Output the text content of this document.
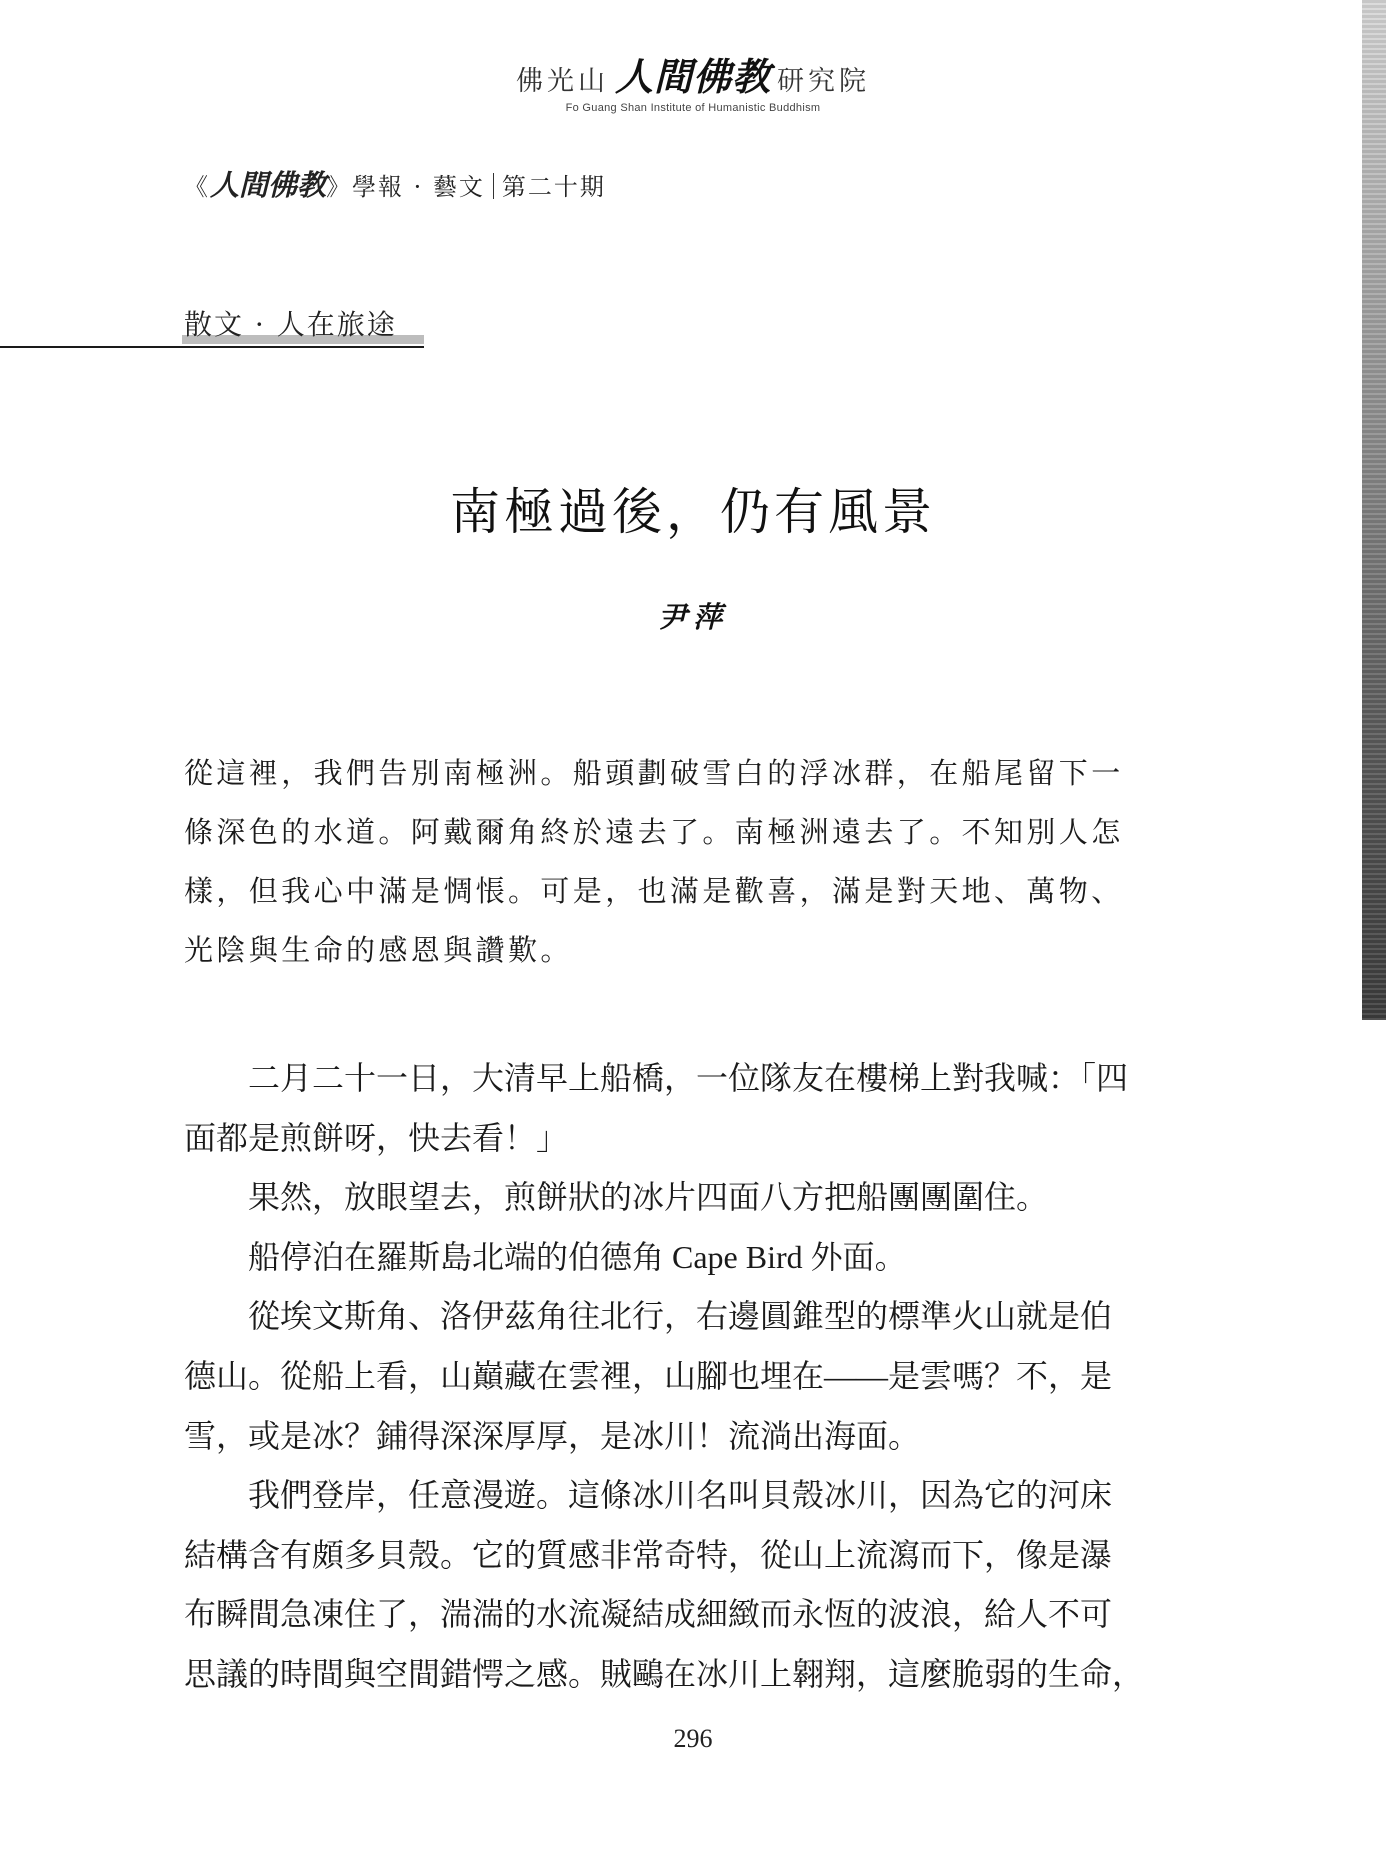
佛光山 人間佛教 研究院
Fo Guang Shan Institute of Humanistic Buddhism
《人間佛教》學報 · 藝文 第二十期
散文 · 人在旅途
南極過後，仍有風景
尹萍
從這裡，我們告別南極洲。船頭劃破雪白的浮冰群，在船尾留下一
條深色的水道。阿戴爾角終於遠去了。南極洲遠去了。不知別人怎
樣，但我心中滿是惆悵。可是，也滿是歡喜，滿是對天地、萬物、
光陰與生命的感恩與讚歎。
二月二十一日，大清早上船橋，一位隊友在樓梯上對我喊：「四
面都是煎餅呀，快去看！」
果然，放眼望去，煎餅狀的冰片四面八方把船團團圍住。
船停泊在羅斯島北端的伯德角 Cape Bird 外面。
從埃文斯角、洛伊茲角往北行，右邊圓錐型的標準火山就是伯
德山。從船上看，山巔藏在雲裡，山腳也埋在——是雲嗎？不，是
雪，或是冰？鋪得深深厚厚，是冰川！流淌出海面。
我們登岸，任意漫遊。這條冰川名叫貝殼冰川，因為它的河床
結構含有頗多貝殼。它的質感非常奇特，從山上流瀉而下，像是瀑
布瞬間急凍住了，湍湍的水流凝結成細緻而永恆的波浪，給人不可
思議的時間與空間錯愕之感。賊鷗在冰川上翱翔，這麼脆弱的生命，
296
